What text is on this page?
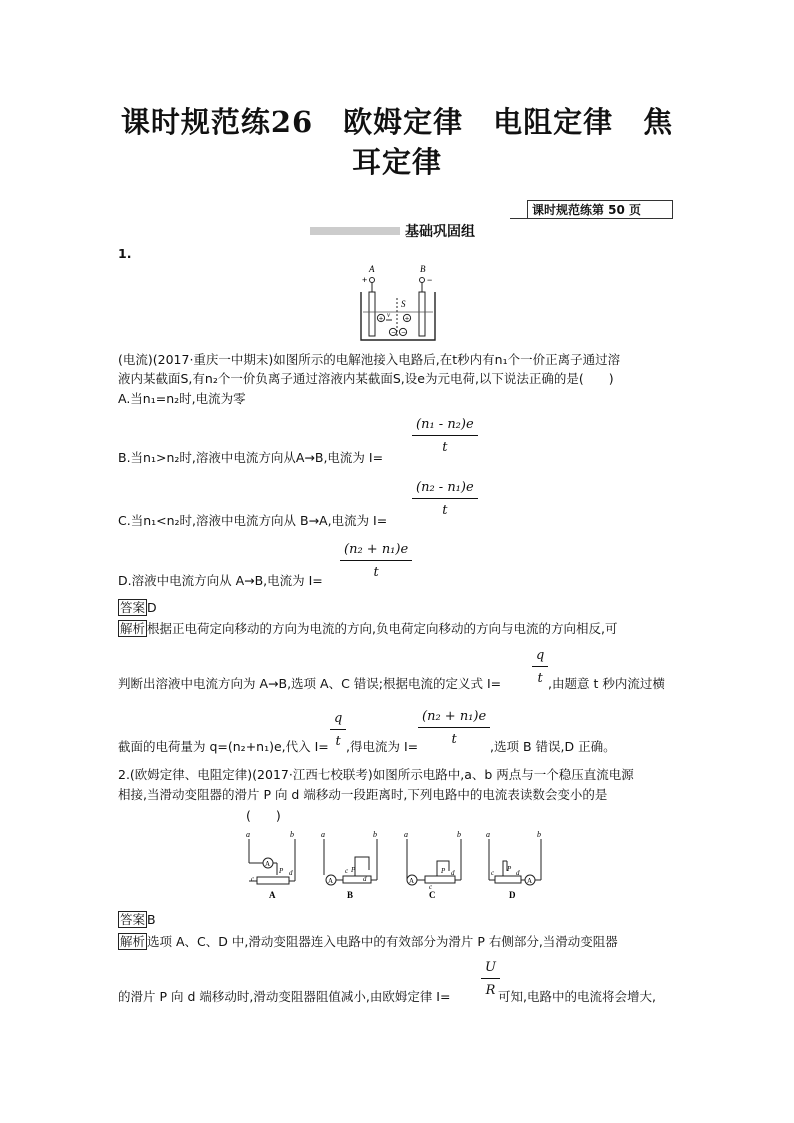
课时规范练26　欧姆定律　电阻定律　焦
耳定律
课时规范练第 50 页
基础巩固组
1.
A	B
+	−
S
+ v +
− −
(电流)(2017·重庆一中期末)如图所示的电解池接入电路后,在t秒内有n₁个一价正离子通过溶
液内某截面S,有n₂个一价负离子通过溶液内某截面S,设e为元电荷,以下说法正确的是(　　)
A.当n₁=n₂时,电流为零
B.当n₁>n₂时,溶液中电流方向从A→B,电流为 I=
$\frac{\text{(n₁ - n₂)e}}{t}$
C.当n₁<n₂时,溶液中电流方向从 B→A,电流为 I=
$\frac{\text{(n₂ - n₁)e}}{t}$
D.溶液中电流方向从 A→B,电流为 I=
$\frac{\text{(n₂ + n₁)e}}{t}$
答案 D
解析 根据正电荷定向移动的方向为电流的方向,负电荷定向移动的方向与电流的方向相反,可
判断出溶液中电流方向为 A→B,选项 A、C 错误;根据电流的定义式 $I= \frac{q}{t}$ ,由题意 t 秒内流过横
截面的电荷量为 q=(n₂+n₁)e,代入 $I= \frac{q}{t}$ ,得电流为 $I= \frac{\text{(n₂ + n₁)e}}{t}$ ,选项 B 错误,D 正确。
2.(欧姆定律、电阻定律)(2017·江西七校联考)如图所示电路中,a、b 两点与一个稳压直流电源
相接,当滑动变阻器的滑片 P 向 d 端移动一段距离时,下列电路中的电流表读数会变小的是
(　　)
a	b
A
P d
c
A
a	b
A
P
c
d
B
a	b
A
P d
c
C
a	b
P
c	d
A
D
答案 B
解析 选项 A、C、D 中,滑动变阻器连入电路中的有效部分为滑片 P 右侧部分,当滑动变阻器
的滑片 P 向 d 端移动时,滑动变阻器阻值减小,由欧姆定律 $I= \frac{U}{R}$
可知,电路中的电流将会增大,
